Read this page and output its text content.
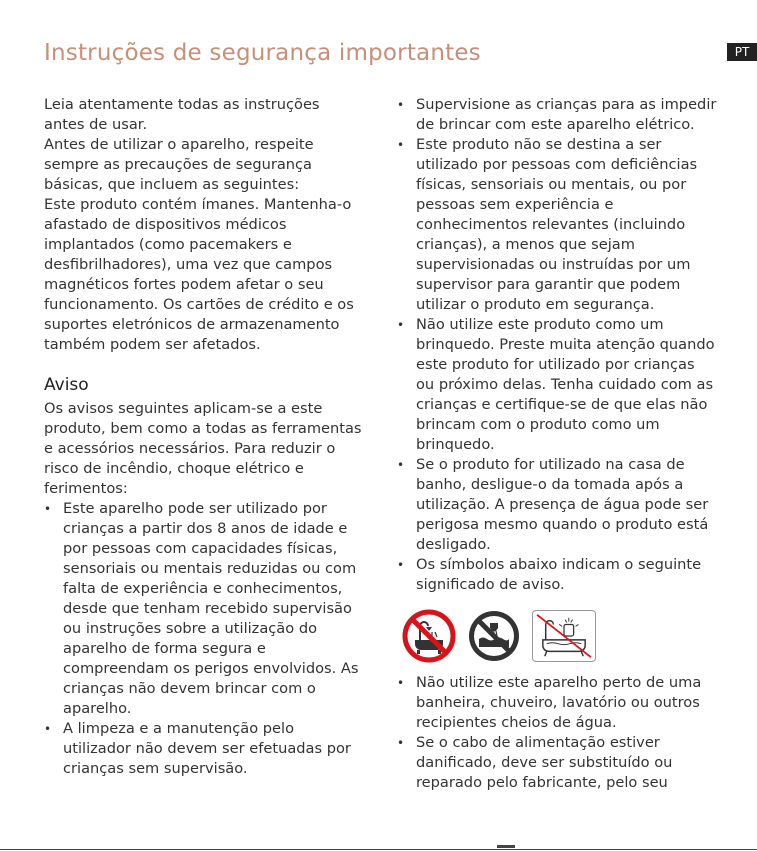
Instruções de segurança importantes	PT

Leia atentamente todas as instruções antes de usar.

Antes de utilizar o aparelho, respeite sempre as precauções de segurança básicas, que incluem as seguintes:

Este produto contém ímanes. Mantenha-o afastado de dispositivos médicos implantados (como pacemakers e desfibrilhadores), uma vez que campos magnéticos fortes podem afetar o seu funcionamento. Os cartões de crédito e os suportes eletrónicos de armazenamento também podem ser afetados.

Aviso

Os avisos seguintes aplicam-se a este produto, bem como a todas as ferramentas e acessórios necessários. Para reduzir o risco de incêndio, choque elétrico e ferimentos:

• Este aparelho pode ser utilizado por crianças a partir dos 8 anos de idade e por pessoas com capacidades físicas, sensoriais ou mentais reduzidas ou com falta de experiência e conhecimentos, desde que tenham recebido supervisão ou instruções sobre a utilização do aparelho de forma segura e compreendam os perigos envolvidos. As crianças não devem brincar com o aparelho.
• A limpeza e a manutenção pelo utilizador não devem ser efetuadas por crianças sem supervisão.
• Supervisione as crianças para as impedir de brincar com este aparelho elétrico.
• Este produto não se destina a ser utilizado por pessoas com deficiências físicas, sensoriais ou mentais, ou por pessoas sem experiência e conhecimentos relevantes (incluindo crianças), a menos que sejam supervisionadas ou instruídas por um supervisor para garantir que podem utilizar o produto em segurança.
• Não utilize este produto como um brinquedo. Preste muita atenção quando este produto for utilizado por crianças ou próximo delas. Tenha cuidado com as crianças e certifique-se de que elas não brincam com o produto como um brinquedo.
• Se o produto for utilizado na casa de banho, desligue-o da tomada após a utilização. A presença de água pode ser perigosa mesmo quando o produto está desligado.
• Os símbolos abaixo indicam o seguinte significado de aviso.
• Não utilize este aparelho perto de uma banheira, chuveiro, lavatório ou outros recipientes cheios de água.
• Se o cabo de alimentação estiver danificado, deve ser substituído ou reparado pelo fabricante, pelo seu
